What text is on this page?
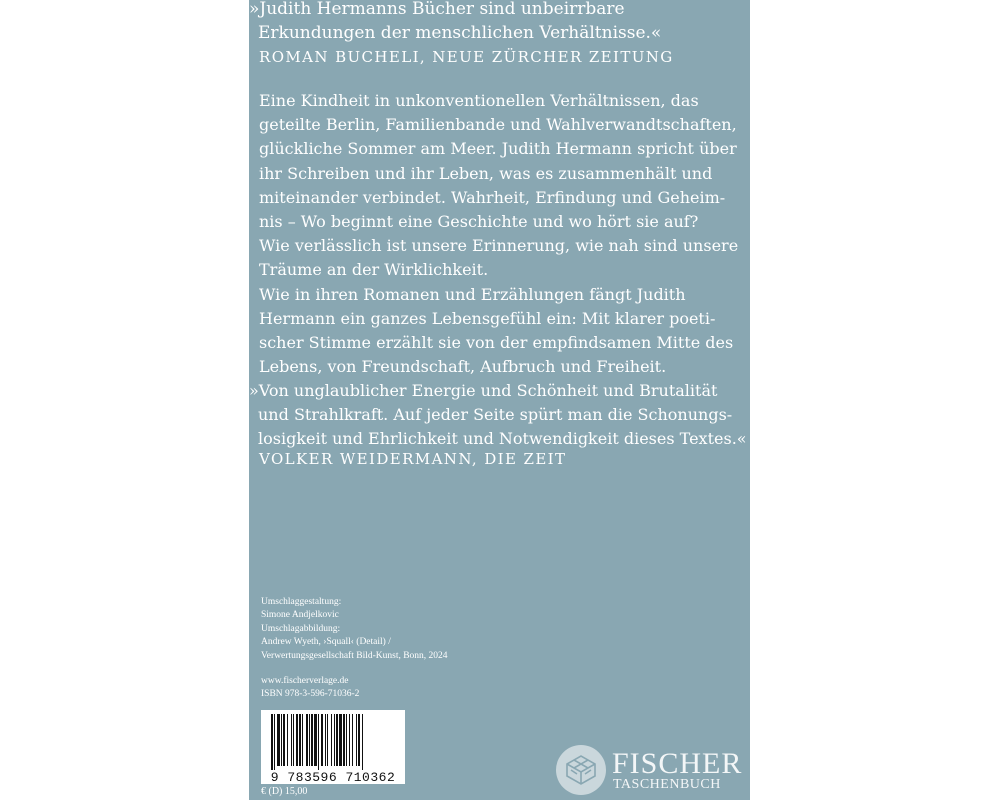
»Judith Hermanns Bücher sind unbeirrbare
Erkundungen der menschlichen Verhältnisse.«
ROMAN BUCHELI, NEUE ZÜRCHER ZEITUNG
Eine Kindheit in unkonventionellen Verhältnissen, das
geteilte Berlin, Familienbande und Wahlverwandtschaften,
glückliche Sommer am Meer. Judith Hermann spricht über
ihr Schreiben und ihr Leben, was es zusammenhält und
miteinander verbindet. Wahrheit, Erfindung und Geheim-
nis – Wo beginnt eine Geschichte und wo hört sie auf?
Wie verlässlich ist unsere Erinnerung, wie nah sind unsere
Träume an der Wirklichkeit.
Wie in ihren Romanen und Erzählungen fängt Judith
Hermann ein ganzes Lebensgefühl ein: Mit klarer poeti-
scher Stimme erzählt sie von der empfindsamen Mitte des
Lebens, von Freundschaft, Aufbruch und Freiheit.
»Von unglaublicher Energie und Schönheit und Brutalität
und Strahlkraft. Auf jeder Seite spürt man die Schonungs-
losigkeit und Ehrlichkeit und Notwendigkeit dieses Textes.«
VOLKER WEIDERMANN, DIE ZEIT
Umschlaggestaltung:
Simone Andjelkovic
Umschlagabbildung:
Andrew Wyeth, ›Squall‹ (Detail) /
Verwertungsgesellschaft Bild-Kunst, Bonn, 2024
www.fischerverlage.de
ISBN 978-3-596-71036-2
9 783596 710362
€ (D) 15,00
FISCHER
TASCHENBUCH
